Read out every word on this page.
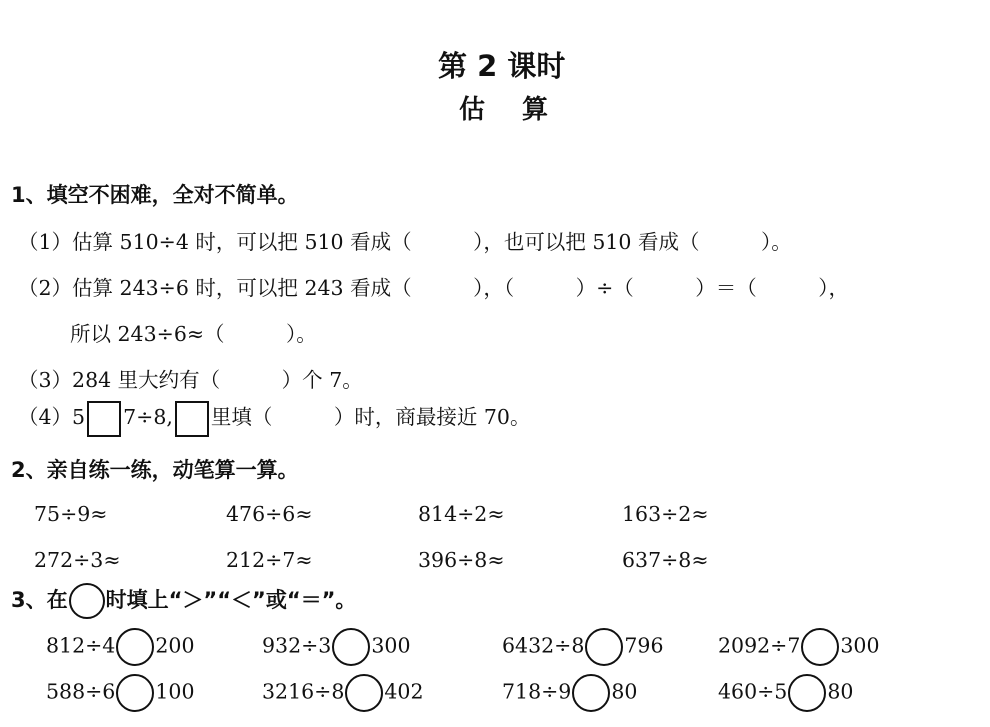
第 2 课时
估 算
1、填空不困难，全对不简单。
（1）估算 510÷4 时，可以把 510 看成（　　　），也可以把 510 看成（　　　）。
（2）估算 243÷6 时，可以把 243 看成（　　　），（　　　）÷（　　　）＝（　　　），
所以 243÷6≈（　　　）。
（3）284 里大约有（　　　）个 7。
（4）5 7÷8, 里填（　　　）时，商最接近 70。
2、亲自练一练，动笔算一算。
75÷9≈	476÷6≈	814÷2≈	163÷2≈
272÷3≈	212÷7≈	396÷8≈	637÷8≈
3、在 时填上“＞”“＜”或“＝”。
812÷4 200	932÷3 300	6432÷8 796	2092÷7 300
588÷6 100	3216÷8 402	718÷9 80	460÷5 80
